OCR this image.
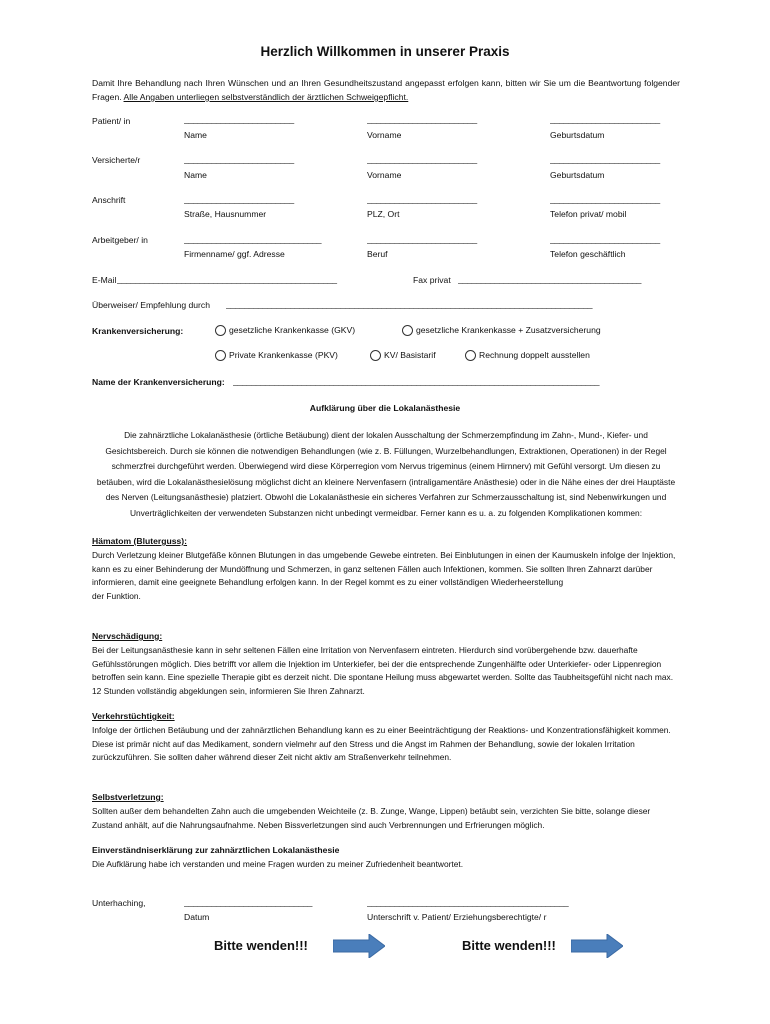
Herzlich Willkommen in unserer Praxis
Damit Ihre Behandlung nach Ihren Wünschen und an Ihren Gesundheitszustand angepasst erfolgen kann, bitten wir Sie um die Beantwortung folgender Fragen. Alle Angaben unterliegen selbstverständlich der ärztlichen Schweigepflicht.
Patient/ in	________________________	________________________	________________________
Name	Vorname	Geburtsdatum
Versicherte/r	________________________	________________________	________________________
Name	Vorname	Geburtsdatum
Anschrift	________________________	________________________	________________________
Straße, Hausnummer	PLZ, Ort	Telefon privat/ mobil
Arbeitgeber/ in	______________________________	________________________	________________________
Firmenname/ ggf. Adresse	Beruf	Telefon geschäftlich
E-Mail ________________________________________________	Fax privat ________________________________________
Überweiser/ Empfehlung durch ________________________________________________________________________________
Krankenversicherung:	gesetzliche Krankenkasse (GKV)	gesetzliche Krankenkasse + Zusatzversicherung
Private Krankenkasse (PKV)	KV/ Basistarif	Rechnung doppelt ausstellen
Name der Krankenversicherung: ________________________________________________________________________________
Aufklärung über die Lokalanästhesie
Die zahnärztliche Lokalanästhesie (örtliche Betäubung) dient der lokalen Ausschaltung der Schmerzempfindung im Zahn-, Mund-, Kiefer- und Gesichtsbereich. Durch sie können die notwendigen Behandlungen (wie z. B. Füllungen, Wurzelbehandlungen, Extraktionen, Operationen) in der Regel schmerzfrei durchgeführt werden. Überwiegend wird diese Körperregion vom Nervus trigeminus (einem Hirnnerv) mit Gefühl versorgt. Um diesen zu betäuben, wird die Lokalanästhesielösung möglichst dicht an kleinere Nervenfasern (intraligamentäre Anästhesie) oder in die Nähe eines der drei Hauptäste des Nerven (Leitungsanästhesie) platziert. Obwohl die Lokalanästhesie ein sicheres Verfahren zur Schmerzausschaltung ist, sind Nebenwirkungen und Unverträglichkeiten der verwendeten Substanzen nicht unbedingt vermeidbar. Ferner kann es u. a. zu folgenden Komplikationen kommen:
Hämatom (Bluterguss):
Durch Verletzung kleiner Blutgefäße können Blutungen in das umgebende Gewebe eintreten. Bei Einblutungen in einen der Kaumuskeln infolge der Injektion, kann es zu einer Behinderung der Mundöffnung und Schmerzen, in ganz seltenen Fällen auch Infektionen, kommen. Sie sollten Ihren Zahnarzt darüber informieren, damit eine geeignete Behandlung erfolgen kann. In der Regel kommt es zu einer vollständigen Wiederheerstellung
der Funktion.
Nervschädigung:
Bei der Leitungsanästhesie kann in sehr seltenen Fällen eine Irritation von Nervenfasern eintreten. Hierdurch sind vorübergehende bzw. dauerhafte Gefühlsstörungen möglich. Dies betrifft vor allem die Injektion im Unterkiefer, bei der die entsprechende Zungenhälfte oder Unterkiefer- oder Lippenregion betroffen sein kann. Eine spezielle Therapie gibt es derzeit nicht. Die spontane Heilung muss abgewartet werden. Sollte das Taubheitsgefühl nicht nach max. 12 Stunden vollständig abgeklungen sein, informieren Sie Ihren Zahnarzt.
Verkehrstüchtigkeit:
Infolge der örtlichen Betäubung und der zahnärztlichen Behandlung kann es zu einer Beeinträchtigung der Reaktions- und Konzentrationsfähigkeit kommen. Diese ist primär nicht auf das Medikament, sondern vielmehr auf den Stress und die Angst im Rahmen der Behandlung, sowie der lokalen Irritation zurückzuführen. Sie sollten daher während dieser Zeit nicht aktiv am Straßenverkehr teilnehmen.
Selbstverletzung:
Sollten außer dem behandelten Zahn auch die umgebenden Weichteile (z. B. Zunge, Wange, Lippen) betäubt sein, verzichten Sie bitte, solange dieser Zustand anhält, auf die Nahrungsaufnahme. Neben Bissverletzungen sind auch Verbrennungen und Erfrierungen möglich.
Einverständniserklärung zur zahnärztlichen Lokalanästhesie
Die Aufklärung habe ich verstanden und meine Fragen wurden zu meiner Zufriedenheit beantwortet.
Unterhaching,	____________________________	____________________________________________
Datum	Unterschrift v. Patient/ Erziehungsberechtigte/ r
Bitte wenden!!!	Bitte wenden!!!
